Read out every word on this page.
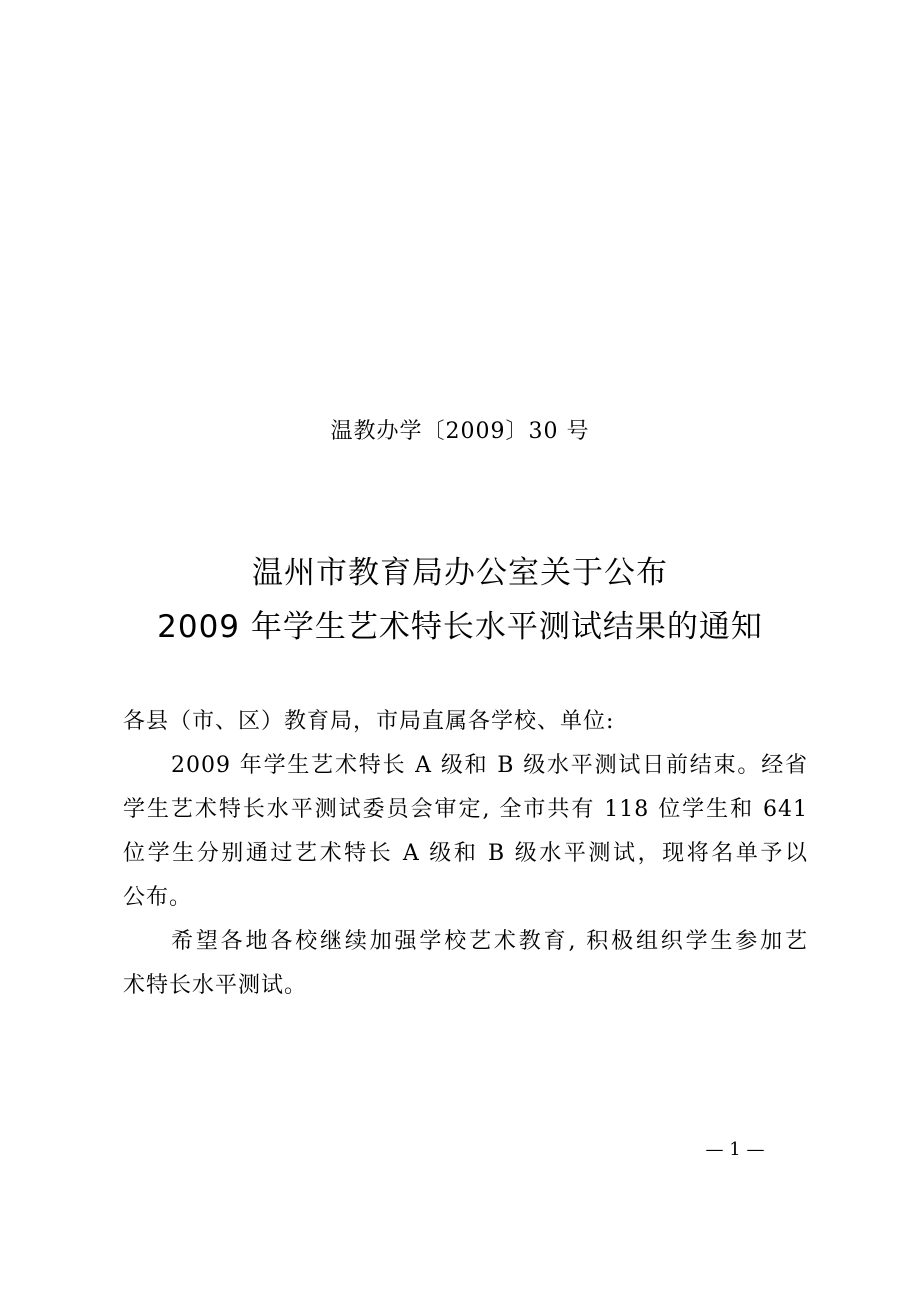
温教办学〔2009〕30 号
温州市教育局办公室关于公布
2009 年学生艺术特长水平测试结果的通知
各县（市、区）教育局，市局直属各学校、单位:
2009 年学生艺术特长 A 级和 B 级水平测试日前结束。经省
学生艺术特长水平测试委员会审定, 全市共有 118 位学生和 641
位学生分别通过艺术特长 A 级和 B 级水平测试，现将名单予以
公布。
希望各地各校继续加强学校艺术教育, 积极组织学生参加艺
术特长水平测试。
— 1 —
